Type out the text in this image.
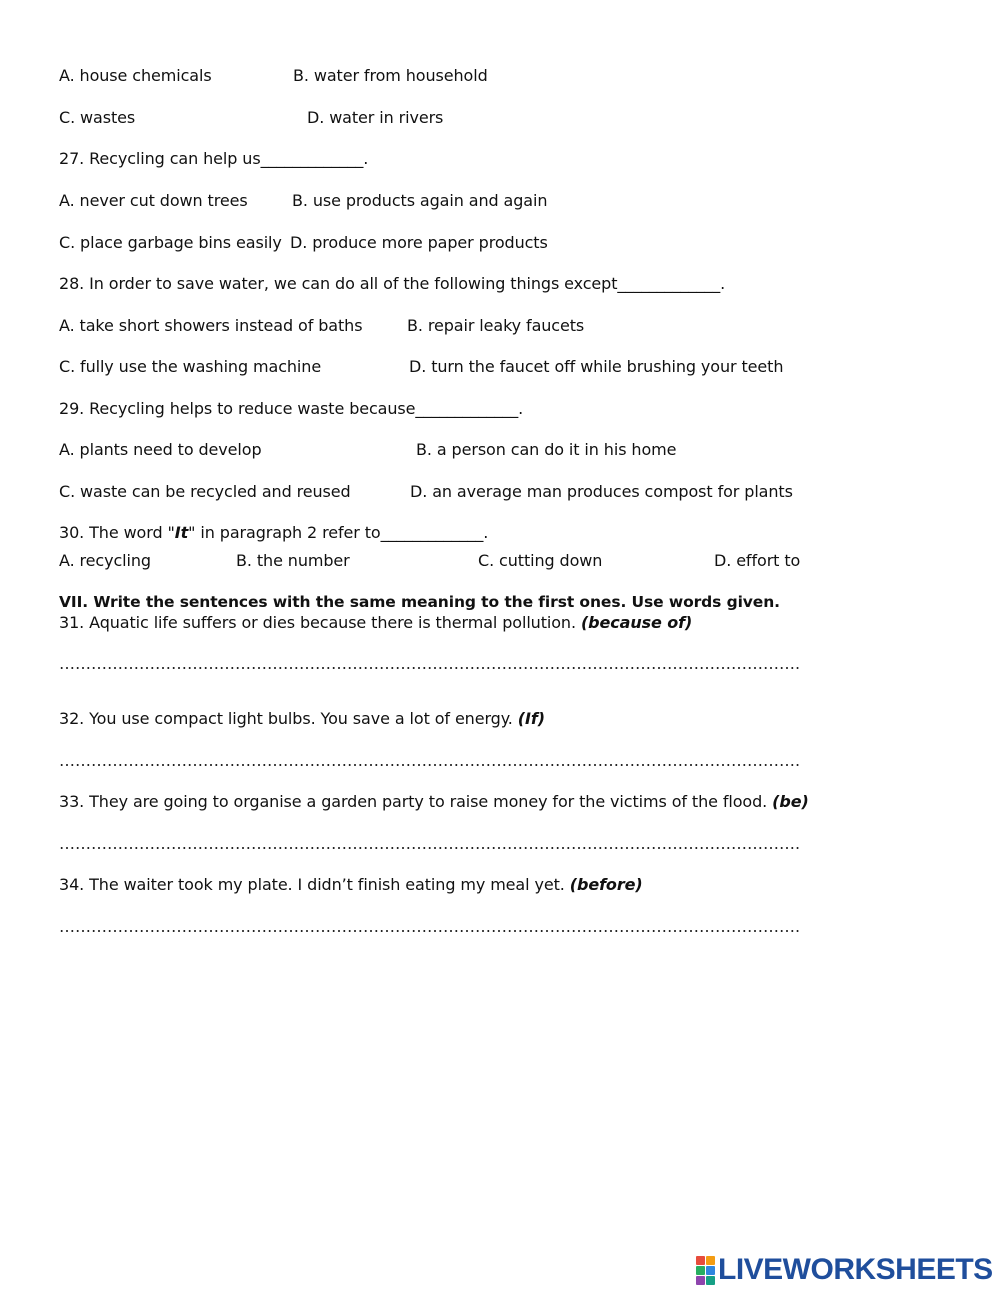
A. house chemicals	B. water from household
C. wastes	D. water in rivers
27. Recycling can help us_____________.
A. never cut down trees	B. use products again and again
C. place garbage bins easily D. produce more paper products
28. In order to save water, we can do all of the following things except_____________.
A. take short showers instead of baths	B. repair leaky faucets
C. fully use the washing machine	D. turn the faucet off while brushing your teeth
29. Recycling helps to reduce waste because_____________.
A. plants need to develop	B. a person can do it in his home
C. waste can be recycled and reused	D. an average man produces compost for plants
30. The word "It" in paragraph 2 refer to_____________.
A. recycling	B. the number	C. cutting down	D. effort to
VII. Write the sentences with the same meaning to the first ones. Use words given.
31. Aquatic life suffers or dies because there is thermal pollution. (because of)
………………………………………………………………………………………………………………………….
32. You use compact light bulbs. You save a lot of energy. (If)
………………………………………………………………………………………………………………………….
33. They are going to organise a garden party to raise money for the victims of the flood. (be)
………………………………………………………………………………………………………………………….
34. The waiter took my plate. I didn’t finish eating my meal yet. (before)
………………………………………………………………………………………………………………………….
LIVEWORKSHEETS
